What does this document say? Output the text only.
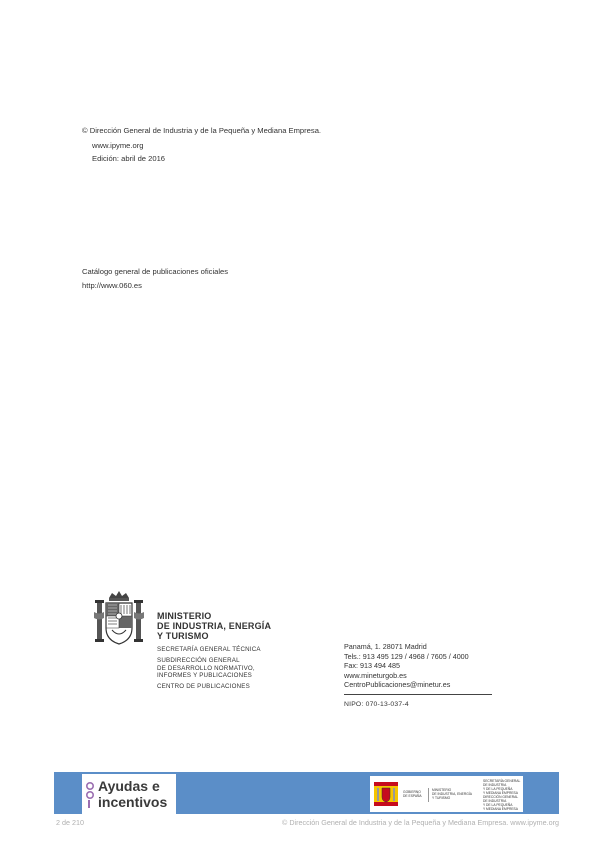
© Dirección General de Industria y de la Pequeña y Mediana Empresa.
www.ipyme.org
Edición: abril de 2016
Catálogo general de publicaciones oficiales
http://www.060.es
MINISTERIO
DE INDUSTRIA, ENERGÍA
Y TURISMO
SECRETARÍA GENERAL TÉCNICA
SUBDIRECCIÓN GENERAL
DE DESARROLLO NORMATIVO,
INFORMES Y PUBLICACIONES
CENTRO DE PUBLICACIONES
Panamá, 1. 28071 Madrid
Tels.: 913 495 129 / 4968 / 7605 / 4000
Fax: 913 494 485
www.mineturgob.es
CentroPublicaciones@minetur.es
NIPO: 070-13-037-4
Ayudas e
incentivos
GOBIERNO
DE ESPAÑA
MINISTERIO
DE INDUSTRIA, ENERGÍA
Y TURISMO
SECRETARÍA GENERAL
DE INDUSTRIA
Y DE LA PEQUEÑA
Y MEDIANA EMPRESA
DIRECCIÓN GENERAL
DE INDUSTRIA
Y DE LA PEQUEÑA
Y MEDIANA EMPRESA
2 de 210	© Dirección General de Industria y de la Pequeña y Mediana Empresa. www.ipyme.org
